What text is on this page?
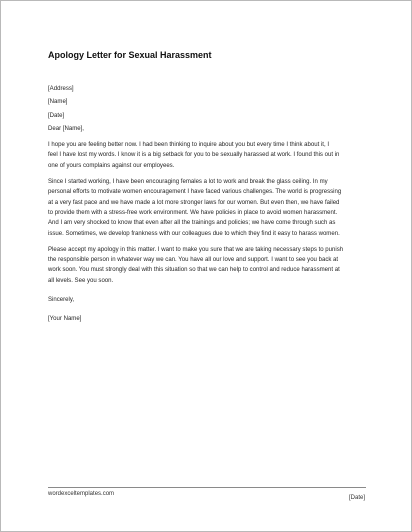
Apology Letter for Sexual Harassment

[Address]

[Name]

[Date]

Dear [Name],

I hope you are feeling better now. I had been thinking to inquire about you but every time I think about it, I
feel I have lost my words. I know it is a big setback for you to be sexually harassed at work. I found this out in
one of yours complains against our employees.
Since I started working, I have been encouraging females a lot to work and break the glass ceiling. In my
personal efforts to motivate women encouragement I have faced various challenges. The world is progressing
at a very fast pace and we have made a lot more stronger laws for our women. But even then, we have failed
to provide them with a stress-free work environment. We have policies in place to avoid women harassment.
And I am very shocked to know that even after all the trainings and policies; we have come through such as
issue. Sometimes, we develop frankness with our colleagues due to which they find it easy to harass women.
Please accept my apology in this matter. I want to make you sure that we are taking necessary steps to punish
the responsible person in whatever way we can. You have all our love and support. I want to see you back at
work soon. You must strongly deal with this situation so that we can help to control and reduce harassment at
all levels. See you soon.

Sincerely,

[Your Name]

wordexceltemplates.com
[Date]
